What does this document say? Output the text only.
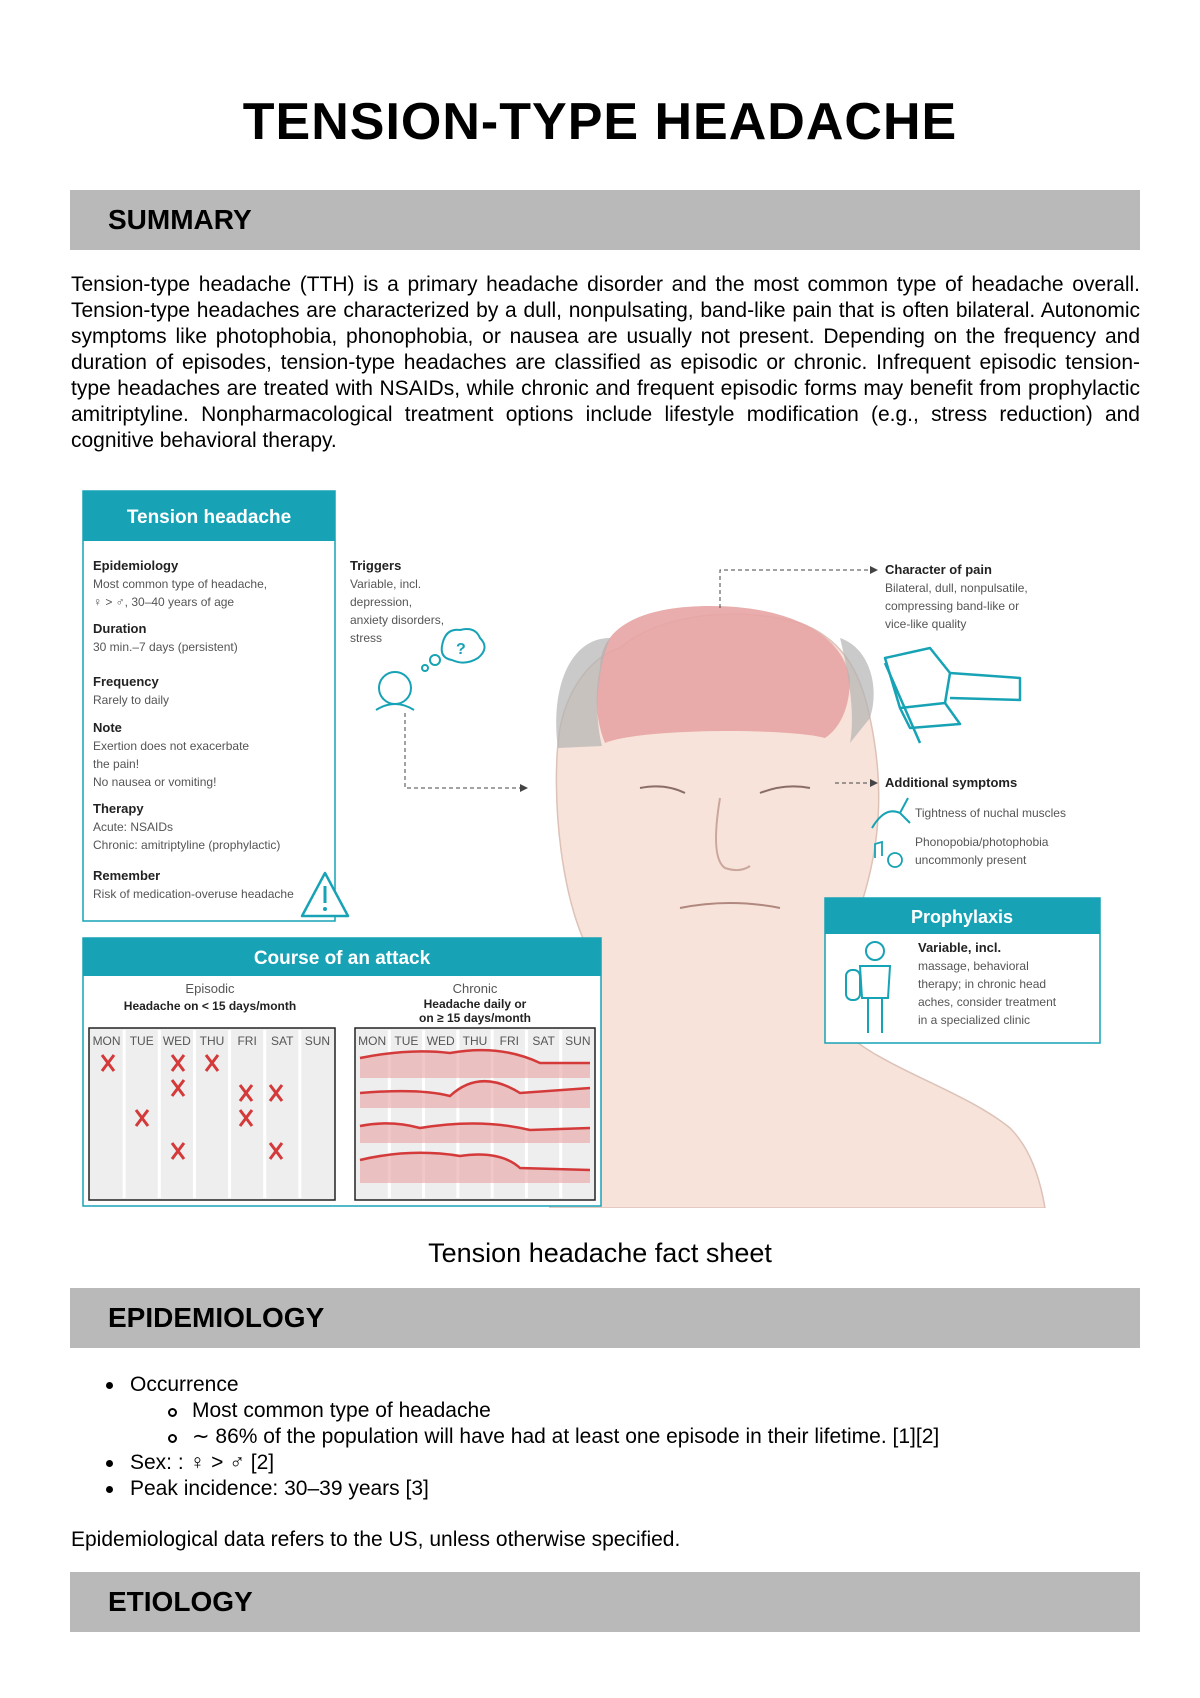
TENSION-TYPE HEADACHE
SUMMARY
Tension-type headache (TTH) is a primary headache disorder and the most common type of headache overall. Tension-type headaches are characterized by a dull, nonpulsating, band-like pain that is often bilateral. Autonomic symptoms like photophobia, phonophobia, or nausea are usually not present. Depending on the frequency and duration of episodes, tension-type headaches are classified as episodic or chronic. Infrequent episodic tension-type headaches are treated with NSAIDs, while chronic and frequent episodic forms may benefit from prophylactic amitriptyline. Nonpharmacological treatment options include lifestyle modification (e.g., stress reduction) and cognitive behavioral therapy.
Tension headache
Epidemiology
Most common type of headache,
♀ > ♂, 30–40 years of age
Duration
30 min.–7 days (persistent)
Frequency
Rarely to daily
Note
Exertion does not exacerbate
the pain!
No nausea or vomiting!
Therapy
Acute: NSAIDs
Chronic: amitriptyline (prophylactic)
Remember
Risk of medication-overuse headache
Triggers
Variable, incl.
depression,
anxiety disorders,
stress
?
Character of pain
Bilateral, dull, nonpulsatile,
compressing band-like or
vice-like quality
Additional symptoms
Tightness of nuchal muscles
Phonopobia/photophobia
uncommonly present
Prophylaxis
Variable, incl.
massage, behavioral
therapy; in chronic head
aches, consider treatment
in a specialized clinic
Course of an attack
Episodic
Headache on < 15 days/month
Chronic
Headache daily or
on ≥ 15 days/month
MON TUE WED THU FRI SAT SUN MON TUE WED THU FRI SAT SUN
Tension headache fact sheet
EPIDEMIOLOGY
Occurrence
Most common type of headache
∼ 86% of the population will have had at least one episode in their lifetime. [1][2]
Sex: : ♀ > ♂ [2]
Peak incidence: 30–39 years [3]
Epidemiological data refers to the US, unless otherwise specified.
ETIOLOGY
